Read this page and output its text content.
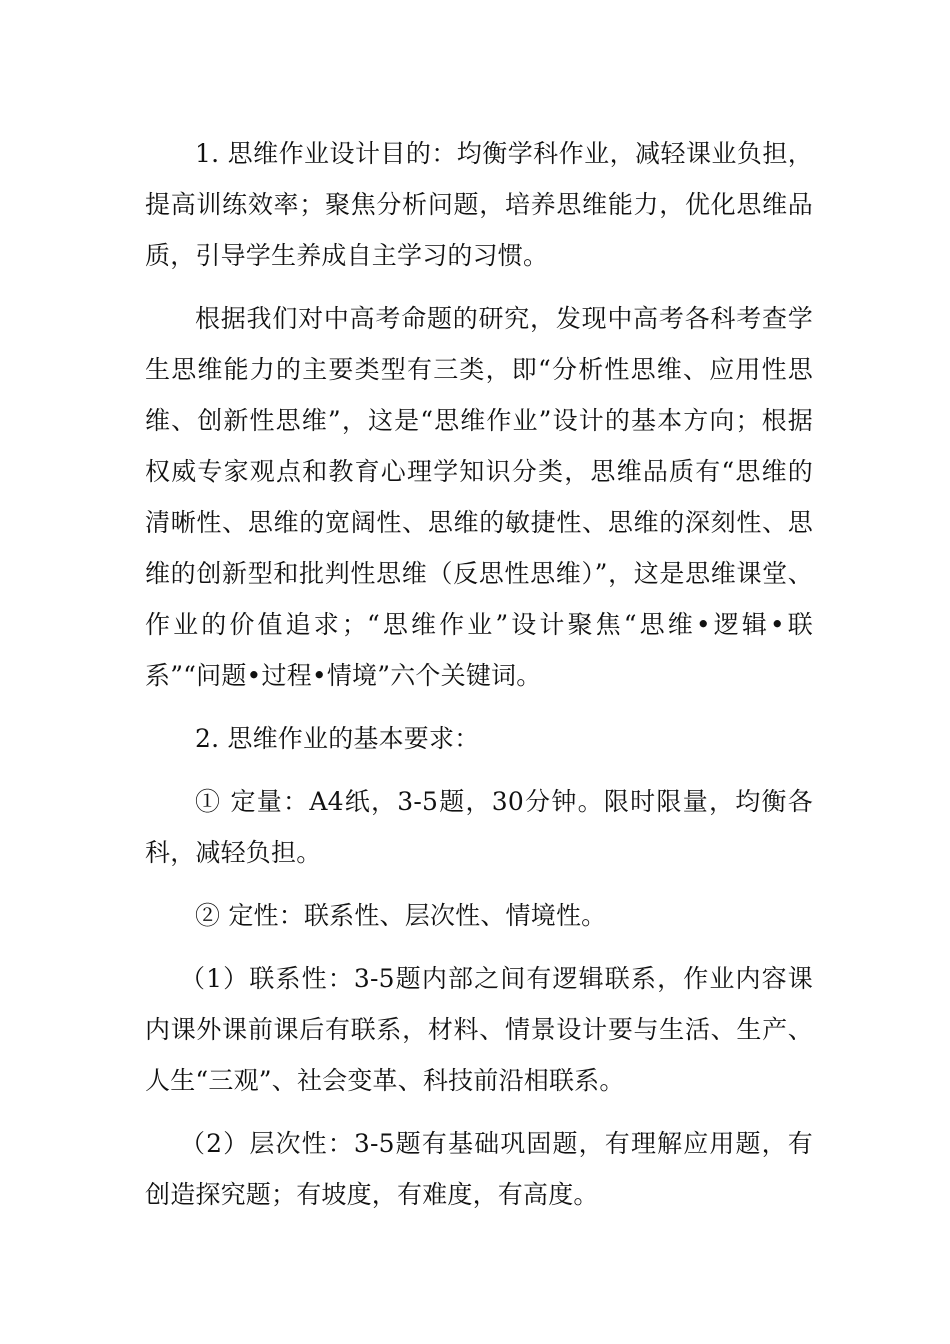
1. 思维作业设计目的：均衡学科作业，减轻课业负担，提高训练效率；聚焦分析问题，培养思维能力，优化思维品质，引导学生养成自主学习的习惯。

根据我们对中高考命题的研究，发现中高考各科考查学生思维能力的主要类型有三类，即“分析性思维、应用性思维、创新性思维”，这是“思维作业”设计的基本方向；根据权威专家观点和教育心理学知识分类，思维品质有“思维的清晰性、思维的宽阔性、思维的敏捷性、思维的深刻性、思维的创新型和批判性思维（反思性思维）”，这是思维课堂、作业的价值追求；“思维作业”设计聚焦“思维•逻辑•联系”“问题•过程•情境”六个关键词。

2. 思维作业的基本要求：

① 定量：A4纸，3-5题，30分钟。限时限量，均衡各科，减轻负担。

② 定性：联系性、层次性、情境性。

（1）联系性：3-5题内部之间有逻辑联系，作业内容课内课外课前课后有联系，材料、情景设计要与生活、生产、人生“三观”、社会变革、科技前沿相联系。

（2）层次性：3-5题有基础巩固题，有理解应用题，有创造探究题；有坡度，有难度，有高度。
